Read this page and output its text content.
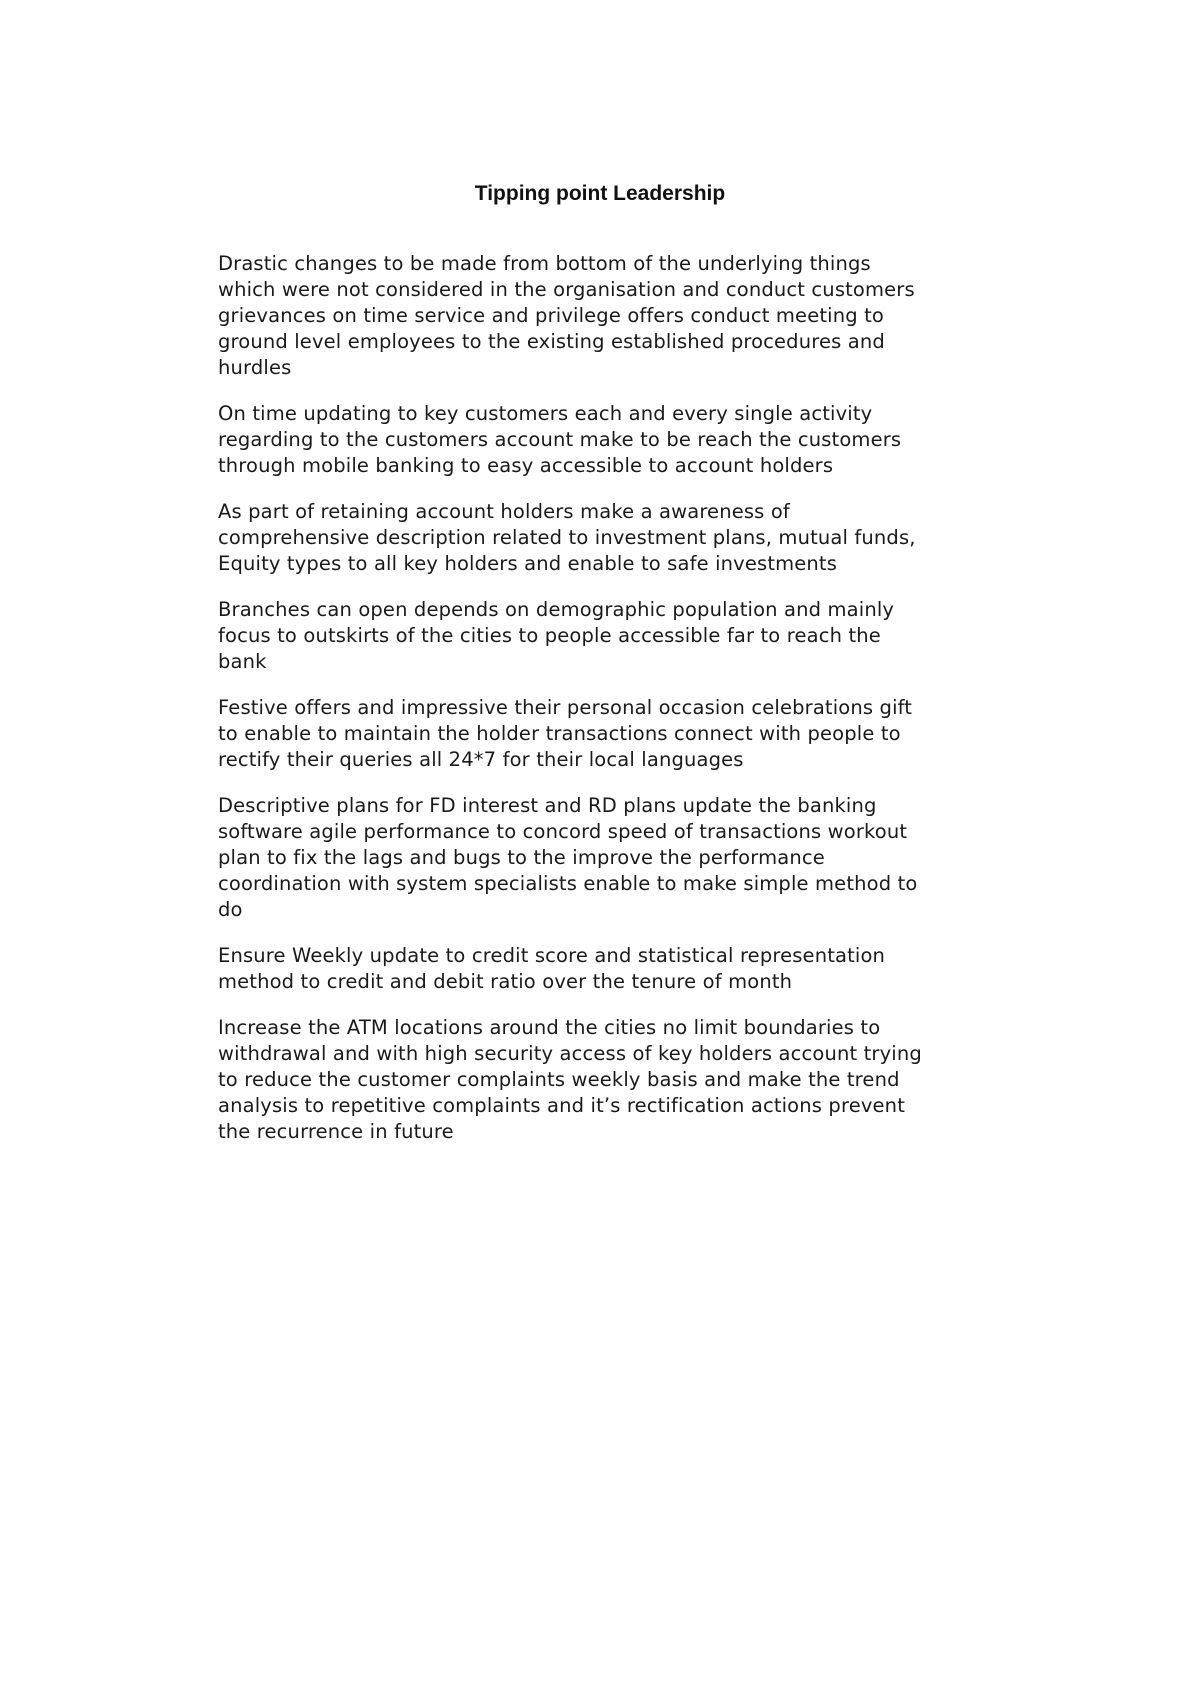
Tipping point Leadership

Drastic changes to be made from bottom of the underlying things
which were not considered in the organisation and conduct customers
grievances on time service and privilege offers conduct meeting to
ground level employees to the existing established procedures and
hurdles

On time updating to key customers each and every single activity
regarding to the customers account make to be reach the customers
through mobile banking to easy accessible to account holders

As part of retaining account holders make a awareness of
comprehensive description related to investment plans, mutual funds,
Equity types to all key holders and enable to safe investments

Branches can open depends on demographic population and mainly
focus to outskirts of the cities to people accessible far to reach the
bank

Festive offers and impressive their personal occasion celebrations gift
to enable to maintain the holder transactions connect with people to
rectify their queries all 24*7 for their local languages

Descriptive plans for FD interest and RD plans update the banking
software agile performance to concord speed of transactions workout
plan to fix the lags and bugs to the improve the performance
coordination with system specialists enable to make simple method to
do

Ensure Weekly update to credit score and statistical representation
method to credit and debit ratio over the tenure of month

Increase the ATM locations around the cities no limit boundaries to
withdrawal and with high security access of key holders account trying
to reduce the customer complaints weekly basis and make the trend
analysis to repetitive complaints and it’s rectification actions prevent
the recurrence in future
